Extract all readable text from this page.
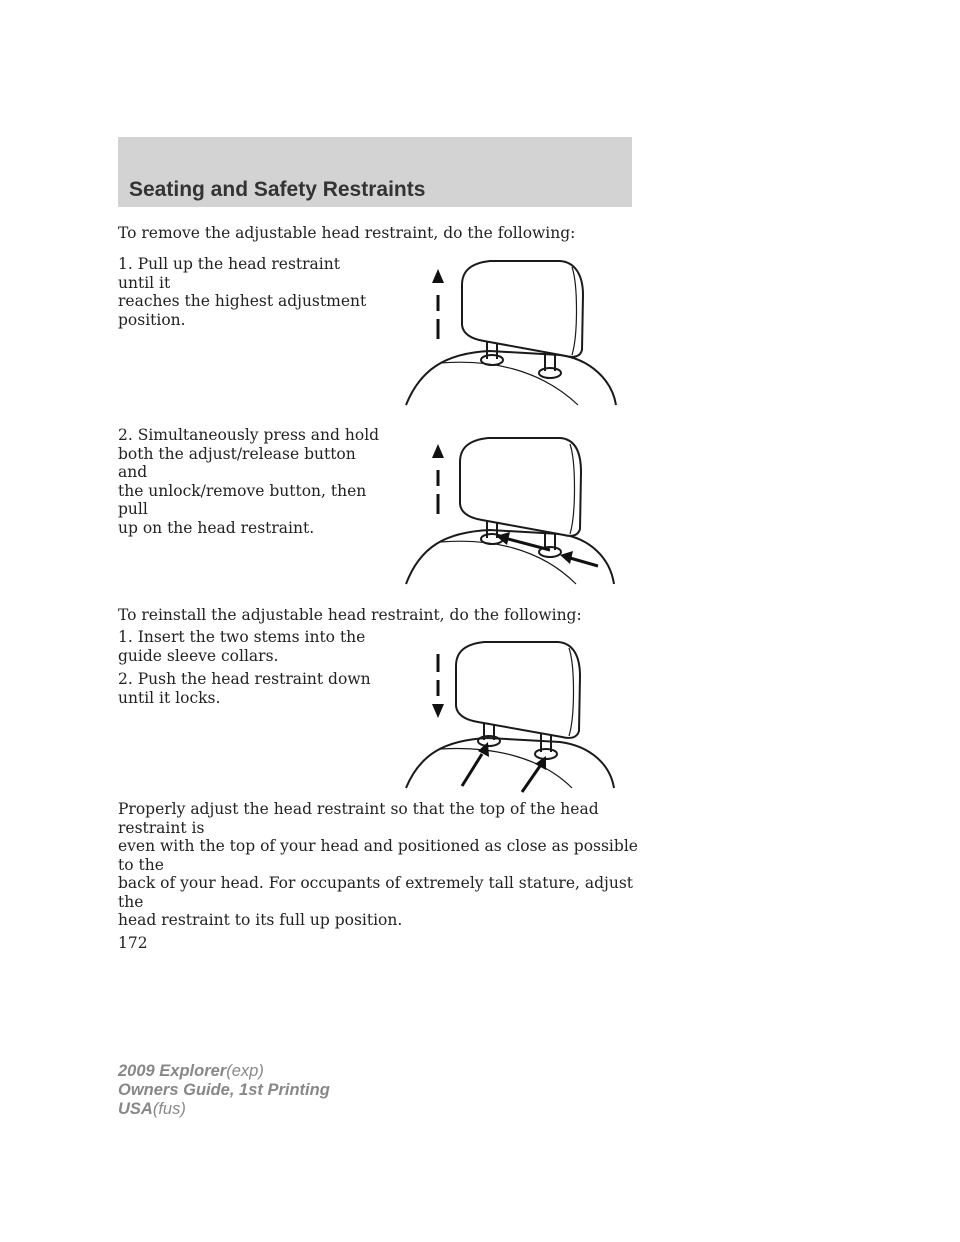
Seating and Safety Restraints

To remove the adjustable head restraint, do the following:

1. Pull up the head restraint until it
reaches the highest adjustment
position.

2. Simultaneously press and hold
both the adjust/release button and
the unlock/remove button, then pull
up on the head restraint.

To reinstall the adjustable head restraint, do the following:

1. Insert the two stems into the
guide sleeve collars.

2. Push the head restraint down
until it locks.

Properly adjust the head restraint so that the top of the head restraint is
even with the top of your head and positioned as close as possible to the
back of your head. For occupants of extremely tall stature, adjust the
head restraint to its full up position.

172

2009 Explorer(exp)
Owners Guide, 1st Printing
USA(fus)
